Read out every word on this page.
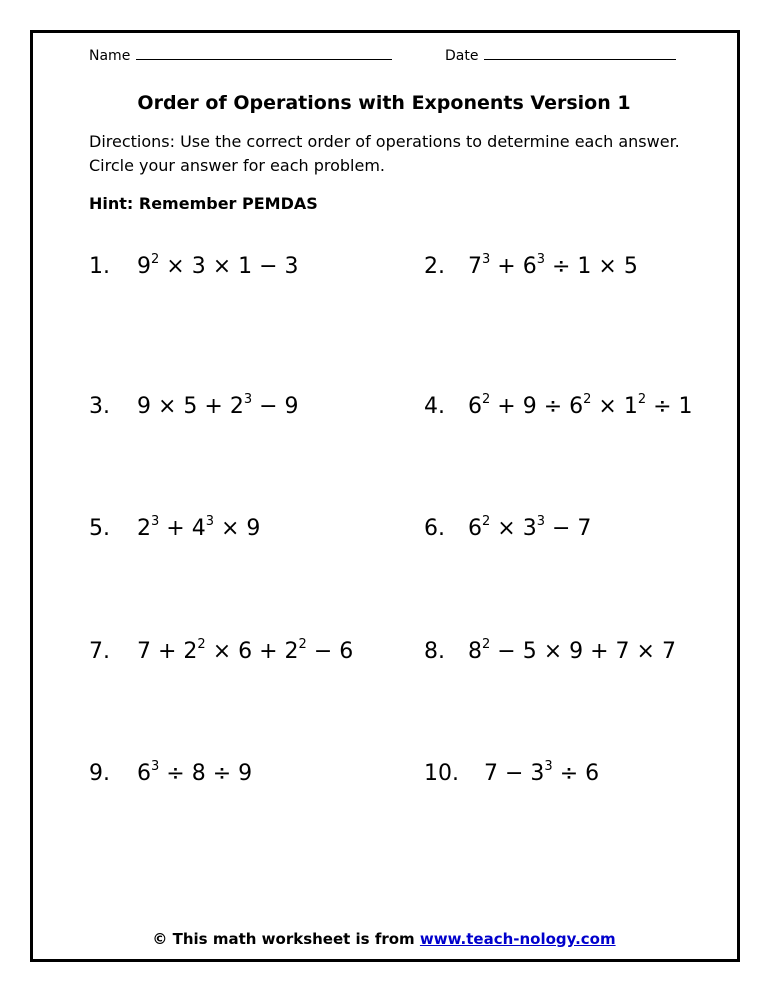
Name	Date
Order of Operations with Exponents Version 1
Directions: Use the correct order of operations to determine each answer. Circle your answer for each problem.
Hint: Remember PEMDAS
1. $9^2 \times 3 \times 1 - 3$	2. $7^3 + 6^3 \div 1 \times 5$
3. $9 \times 5 + 2^3 - 9$	4. $6^2 + 9 \div 6^2 \times 1^2 \div 1$
5. $2^3 + 4^3 \times 9$	6. $6^2 \times 3^3 - 7$
7. $7 + 2^2 \times 6 + 2^2 - 6$	8. $8^2 - 5 \times 9 + 7 \times 7$
9. $6^3 \div 8 \div 9$	10. $7 - 3^3 \div 6$
© This math worksheet is from www.teach-nology.com
